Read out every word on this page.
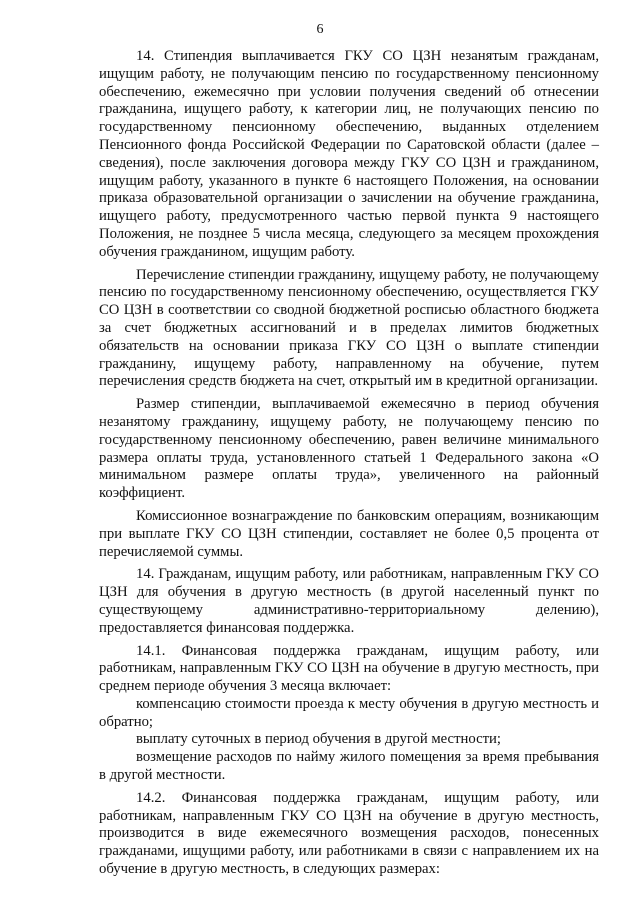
6

14. Стипендия выплачивается ГКУ СО ЦЗН незанятым гражданам, ищущим работу, не получающим пенсию по государственному пенсионному обеспечению, ежемесячно при условии получения сведений об отнесении гражданина, ищущего работу, к категории лиц, не получающих пенсию по государственному пенсионному обеспечению, выданных отделением Пенсионного фонда Российской Федерации по Саратовской области (далее – сведения), после заключения договора между ГКУ СО ЦЗН и гражданином, ищущим работу, указанного в пункте 6 настоящего Положения, на основании приказа образовательной организации о зачислении на обучение гражданина, ищущего работу, предусмотренного частью первой пункта 9 настоящего Положения, не позднее 5 числа месяца, следующего за месяцем прохождения обучения гражданином, ищущим работу.

Перечисление стипендии гражданину, ищущему работу, не получающему пенсию по государственному пенсионному обеспечению, осуществляется ГКУ СО ЦЗН в соответствии со сводной бюджетной росписью областного бюджета за счет бюджетных ассигнований и в пределах лимитов бюджетных обязательств на основании приказа ГКУ СО ЦЗН о выплате стипендии гражданину, ищущему работу, направленному на обучение, путем перечисления средств бюджета на счет, открытый им в кредитной организации.

Размер стипендии, выплачиваемой ежемесячно в период обучения незанятому гражданину, ищущему работу, не получающему пенсию по государственному пенсионному обеспечению, равен величине минимального размера оплаты труда, установленного статьей 1 Федерального закона «О минимальном размере оплаты труда», увеличенного на районный коэффициент.

Комиссионное вознаграждение по банковским операциям, возникающим при выплате ГКУ СО ЦЗН стипендии, составляет не более 0,5 процента от перечисляемой суммы.

14. Гражданам, ищущим работу, или работникам, направленным ГКУ СО ЦЗН для обучения в другую местность (в другой населенный пункт по существующему административно-территориальному делению), предоставляется финансовая поддержка.

14.1. Финансовая поддержка гражданам, ищущим работу, или работникам, направленным ГКУ СО ЦЗН на обучение в другую местность, при среднем периоде обучения 3 месяца включает:

компенсацию стоимости проезда к месту обучения в другую местность и обратно;

выплату суточных в период обучения в другой местности;

возмещение расходов по найму жилого помещения за время пребывания в другой местности.

14.2. Финансовая поддержка гражданам, ищущим работу, или работникам, направленным ГКУ СО ЦЗН на обучение в другую местность, производится в виде ежемесячного возмещения расходов, понесенных гражданами, ищущими работу, или работниками в связи с направлением их на обучение в другую местность, в следующих размерах:
